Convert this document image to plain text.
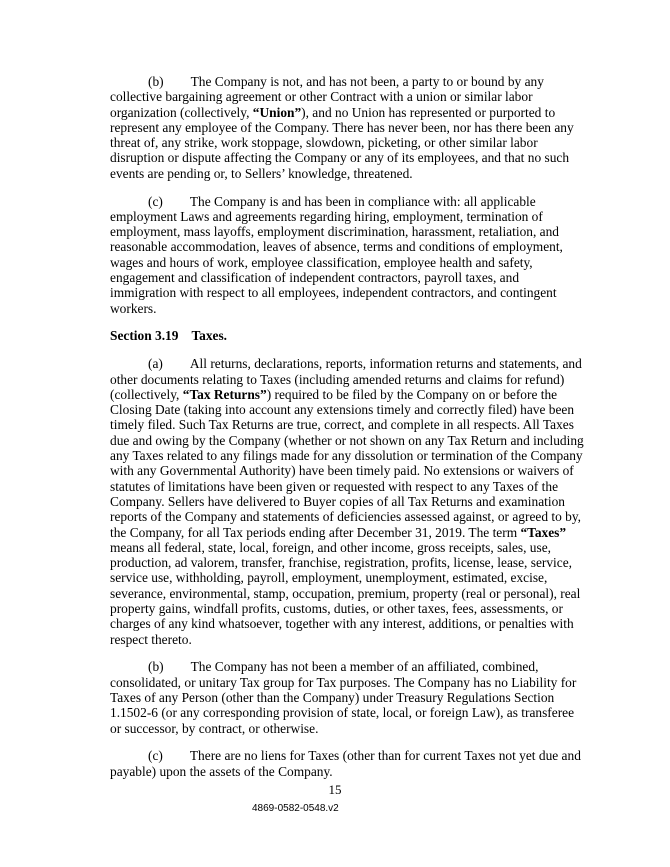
(b) The Company is not, and has not been, a party to or bound by any collective bargaining agreement or other Contract with a union or similar labor organization (collectively, “Union”), and no Union has represented or purported to represent any employee of the Company. There has never been, nor has there been any threat of, any strike, work stoppage, slowdown, picketing, or other similar labor disruption or dispute affecting the Company or any of its employees, and that no such events are pending or, to Sellers’ knowledge, threatened.

(c) The Company is and has been in compliance with: all applicable employment Laws and agreements regarding hiring, employment, termination of employment, mass layoffs, employment discrimination, harassment, retaliation, and reasonable accommodation, leaves of absence, terms and conditions of employment, wages and hours of work, employee classification, employee health and safety, engagement and classification of independent contractors, payroll taxes, and immigration with respect to all employees, independent contractors, and contingent workers.

Section 3.19 Taxes.

(a) All returns, declarations, reports, information returns and statements, and other documents relating to Taxes (including amended returns and claims for refund) (collectively, “Tax Returns”) required to be filed by the Company on or before the Closing Date (taking into account any extensions timely and correctly filed) have been timely filed. Such Tax Returns are true, correct, and complete in all respects. All Taxes due and owing by the Company (whether or not shown on any Tax Return and including any Taxes related to any filings made for any dissolution or termination of the Company with any Governmental Authority) have been timely paid. No extensions or waivers of statutes of limitations have been given or requested with respect to any Taxes of the Company. Sellers have delivered to Buyer copies of all Tax Returns and examination reports of the Company and statements of deficiencies assessed against, or agreed to by, the Company, for all Tax periods ending after December 31, 2019. The term “Taxes” means all federal, state, local, foreign, and other income, gross receipts, sales, use, production, ad valorem, transfer, franchise, registration, profits, license, lease, service, service use, withholding, payroll, employment, unemployment, estimated, excise, severance, environmental, stamp, occupation, premium, property (real or personal), real property gains, windfall profits, customs, duties, or other taxes, fees, assessments, or charges of any kind whatsoever, together with any interest, additions, or penalties with respect thereto.

(b) The Company has not been a member of an affiliated, combined, consolidated, or unitary Tax group for Tax purposes. The Company has no Liability for Taxes of any Person (other than the Company) under Treasury Regulations Section 1.1502-6 (or any corresponding provision of state, local, or foreign Law), as transferee or successor, by contract, or otherwise.

(c) There are no liens for Taxes (other than for current Taxes not yet due and payable) upon the assets of the Company.

15
4869-0582-0548.v2
